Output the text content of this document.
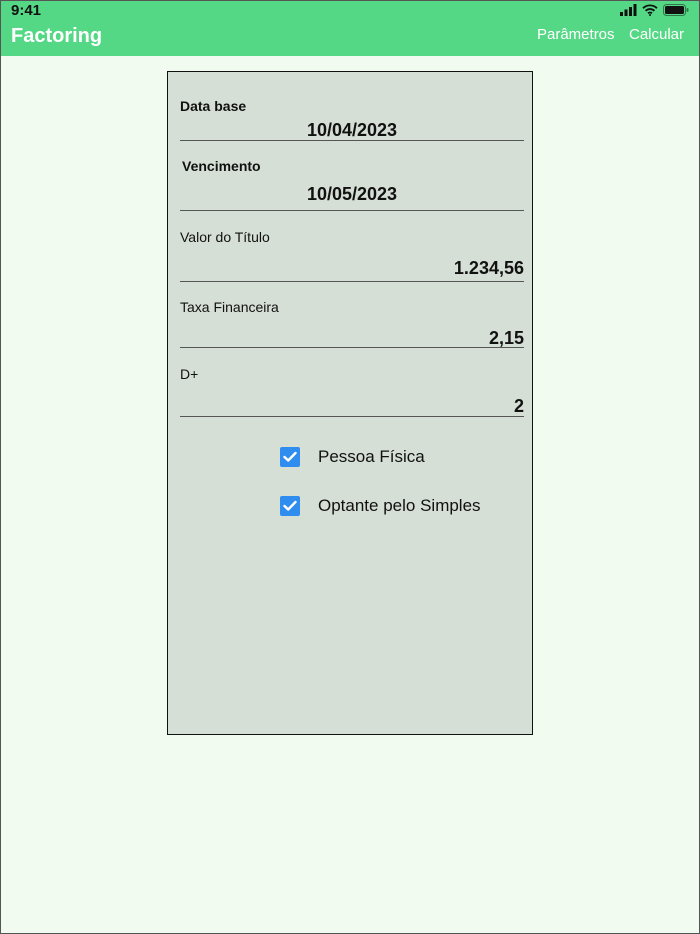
9:41
Factoring	Parâmetros Calcular
Data base
10/04/2023
Vencimento
10/05/2023
Valor do Título
1.234,56
Taxa Financeira
2,15
D+
2
Pessoa Física
Optante pelo Simples
